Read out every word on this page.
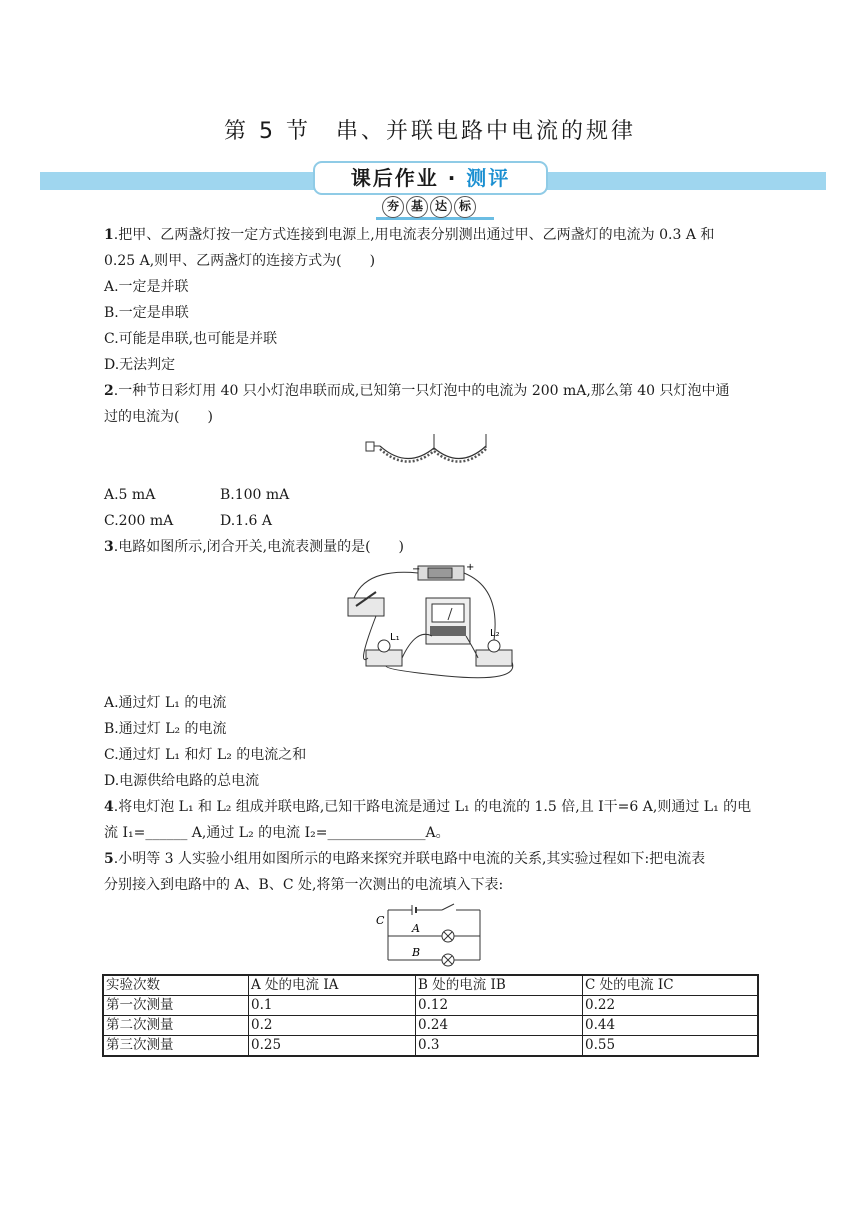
第 5 节　串、并联电路中电流的规律
课后作业 · 测评
夯 基 达 标
1.把甲、乙两盏灯按一定方式连接到电源上,用电流表分别测出通过甲、乙两盏灯的电流为 0.3 A 和
0.25 A,则甲、乙两盏灯的连接方式为(　　)
A.一定是并联
B.一定是串联
C.可能是串联,也可能是并联
D.无法判定
2.一种节日彩灯用 40 只小灯泡串联而成,已知第一只灯泡中的电流为 200 mA,那么第 40 只灯泡中通
过的电流为(　　)
A.5 mA	B.100 mA
C.200 mA	D.1.6 A
3.电路如图所示,闭合开关,电流表测量的是(　　)
−	+
L₁	L₂
A.通过灯 L₁ 的电流
B.通过灯 L₂ 的电流
C.通过灯 L₁ 和灯 L₂ 的电流之和
D.电源供给电路的总电流
4.将电灯泡 L₁ 和 L₂ 组成并联电路,已知干路电流是通过 L₁ 的电流的 1.5 倍,且 I干=6 A,则通过 L₁ 的电
流 I₁=______ A,通过 L₂ 的电流 I₂=______________A。
5.小明等 3 人实验小组用如图所示的电路来探究并联电路中电流的关系,其实验过程如下:把电流表
分别接入到电路中的 A、B、C 处,将第一次测出的电流填入下表:
C
A
B
实验次数	A 处的电流 IA	B 处的电流 IB	C 处的电流 IC
第一次测量	0.1	0.12	0.22
第二次测量	0.2	0.24	0.44
第三次测量	0.25	0.3	0.55
